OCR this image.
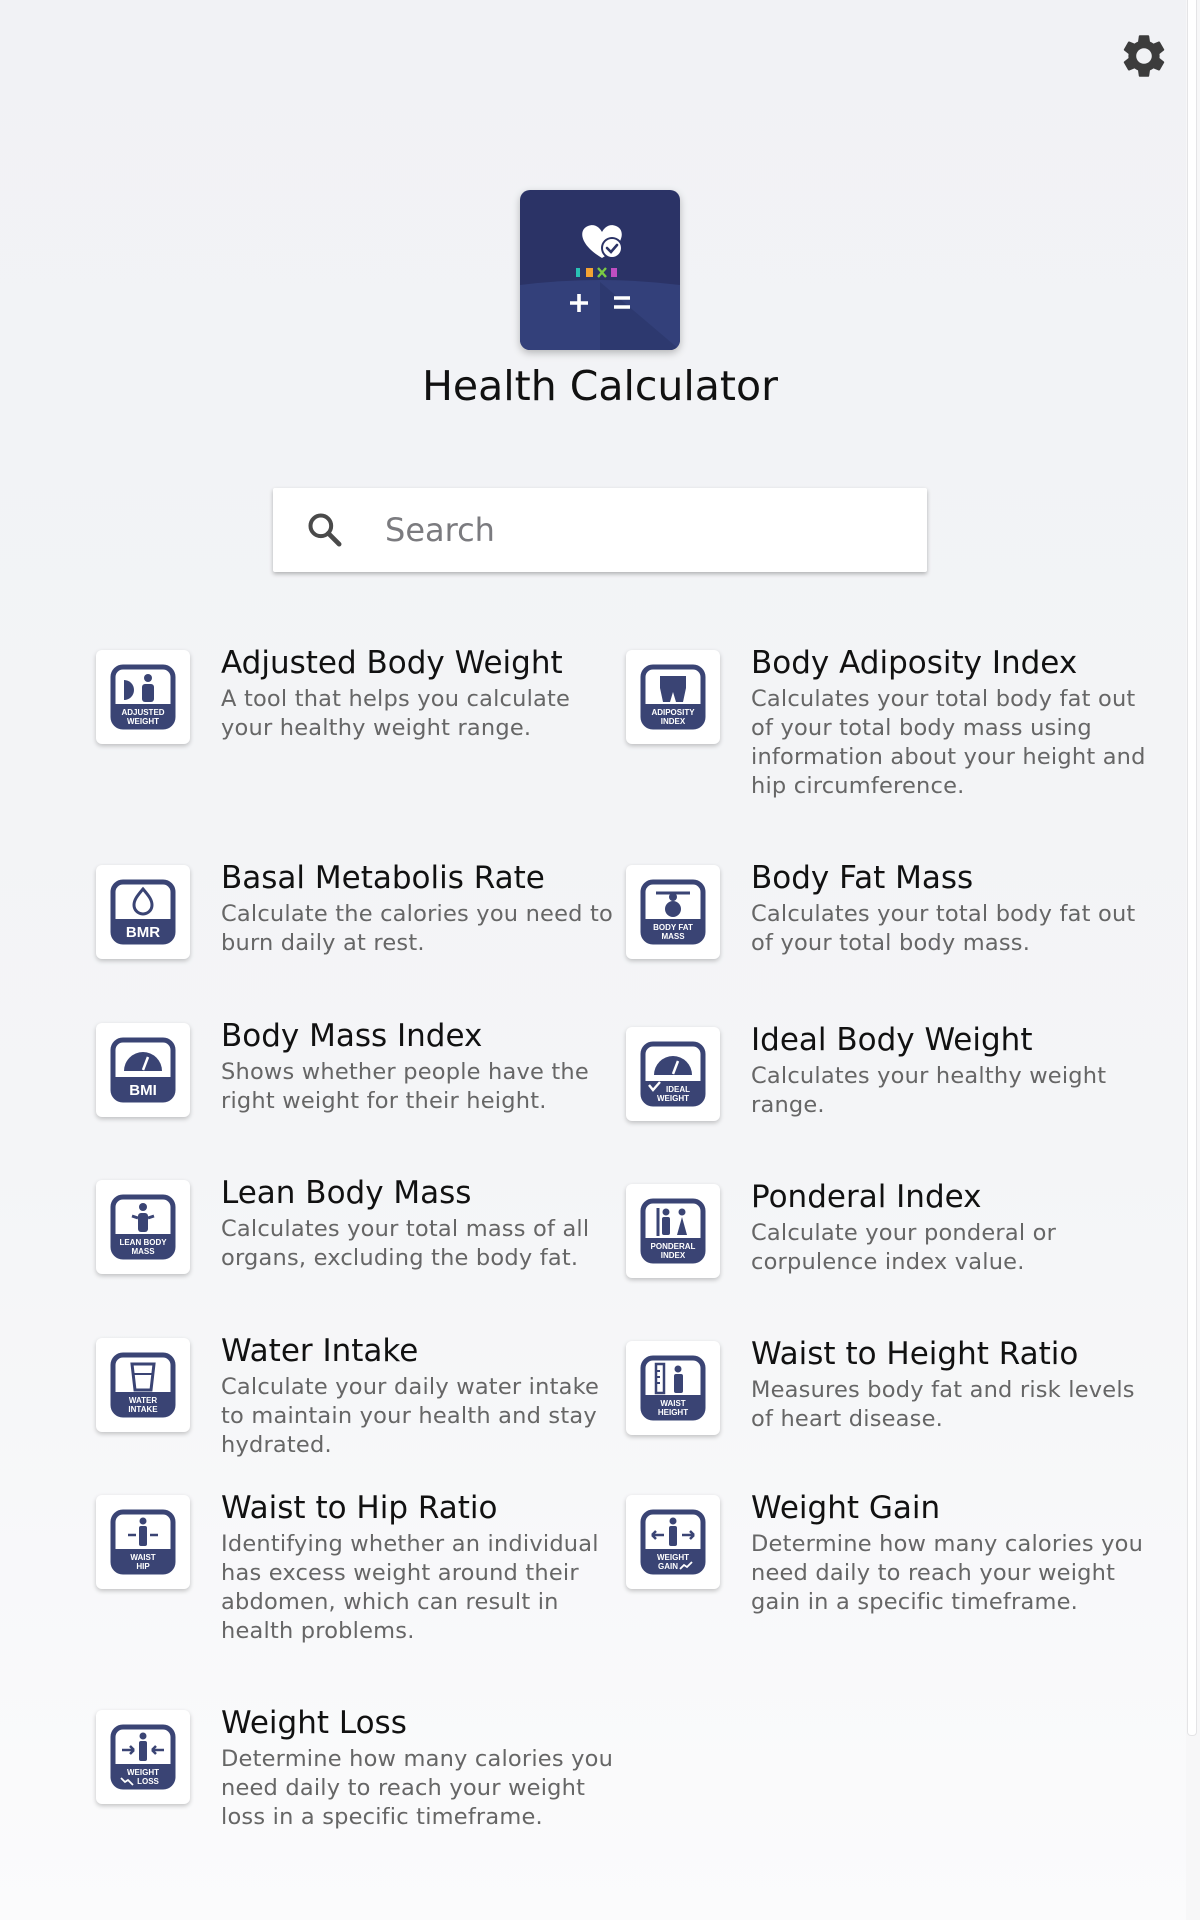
Health Calculator
Search
ADJUSTED
WEIGHT
Adjusted Body Weight
A tool that helps you calculate your healthy weight range.
ADIPOSITY
INDEX
Body Adiposity Index
Calculates your total body fat out of your total body mass using information about your height and hip circumference.
BMR
Basal Metabolis Rate
Calculate the calories you need to burn daily at rest.
BODY FAT
MASS
Body Fat Mass
Calculates your total body fat out of your total body mass.
BMI
Body Mass Index
Shows whether people have the right weight for their height.	IDEAL
WEIGHT
Ideal Body Weight
Calculates your healthy weight range.
LEAN BODY
MASS
Lean Body Mass
Calculates your total mass of all organs, excluding the body fat.	PONDERAL
INDEX
Ponderal Index
Calculate your ponderal or corpulence index value.
WATER
INTAKE
Water Intake
Calculate your daily water intake to maintain your health and stay hydrated.
WAIST
HEIGHT
Waist to Height Ratio
Measures body fat and risk levels of heart disease.
WAIST
HIP
Waist to Hip Ratio
Identifying whether an individual has excess weight around their abdomen, which can result in health problems.
WEIGHT
GAIN
Weight Gain
Determine how many calories you need daily to reach your weight gain in a specific timeframe.
WEIGHT
LOSS
Weight Loss
Determine how many calories you need daily to reach your weight loss in a specific timeframe.
